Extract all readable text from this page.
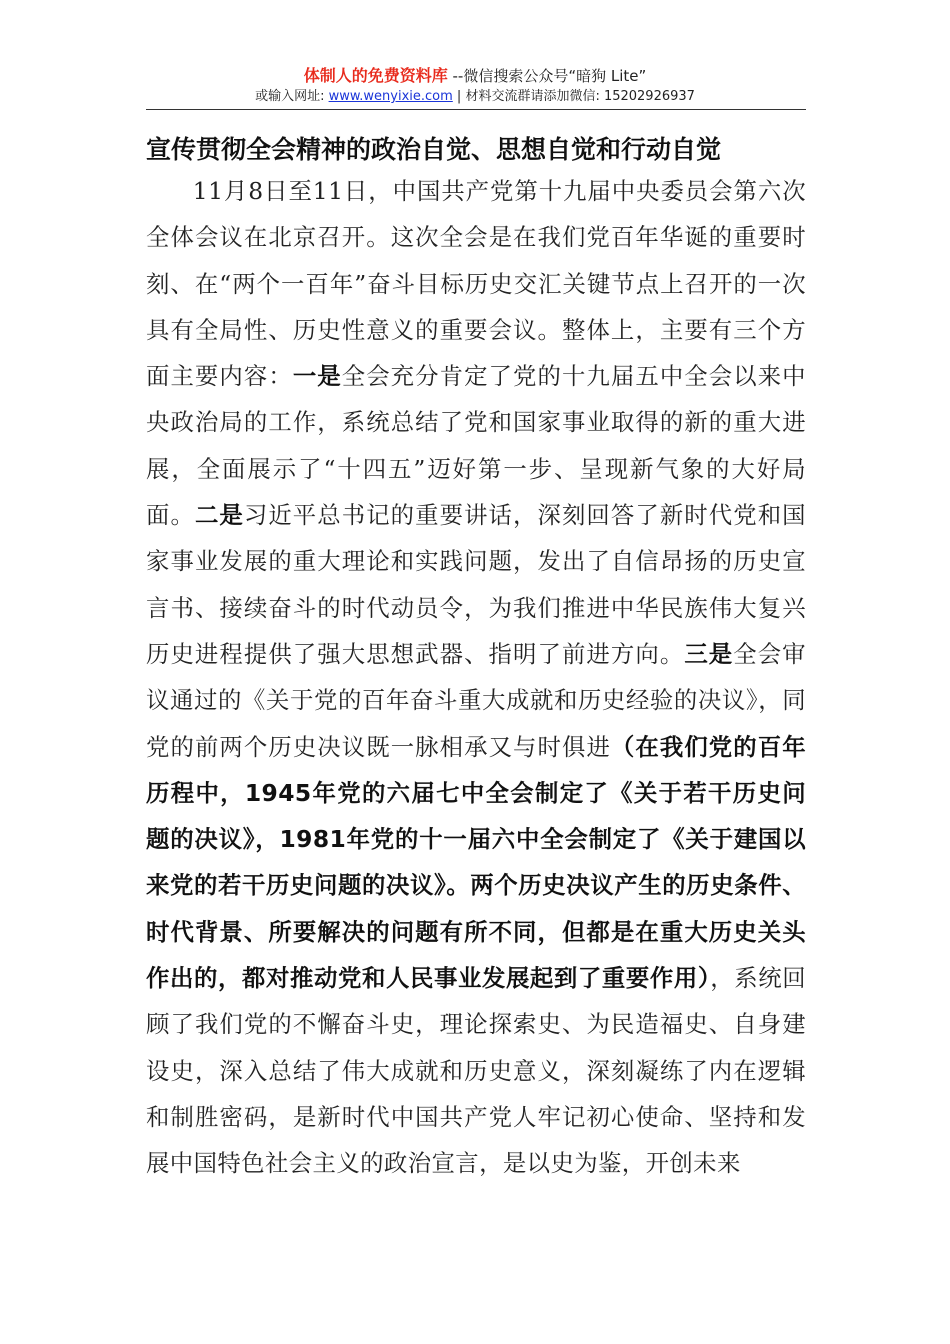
体制人的免费资料库 --微信搜索公众号“暗狗 Lite”
或输入网址: www.wenyixie.com | 材料交流群请添加微信: 15202926937
宣传贯彻全会精神的政治自觉、思想自觉和行动自觉

11月8日至11日，中国共产党第十九届中央委员会第六次全体会议在北京召开。这次全会是在我们党百年华诞的重要时刻、在“两个一百年”奋斗目标历史交汇关键节点上召开的一次具有全局性、历史性意义的重要会议。整体上，主要有三个方面主要内容：一是全会充分肯定了党的十九届五中全会以来中央政治局的工作，系统总结了党和国家事业取得的新的重大进展，全面展示了“十四五”迈好第一步、呈现新气象的大好局面。二是习近平总书记的重要讲话，深刻回答了新时代党和国家事业发展的重大理论和实践问题，发出了自信昂扬的历史宣言书、接续奋斗的时代动员令，为我们推进中华民族伟大复兴历史进程提供了强大思想武器、指明了前进方向。三是全会审议通过的《关于党的百年奋斗重大成就和历史经验的决议》，同党的前两个历史决议既一脉相承又与时俱进（在我们党的百年历程中，1945年党的六届七中全会制定了《关于若干历史问题的决议》，1981年党的十一届六中全会制定了《关于建国以来党的若干历史问题的决议》。两个历史决议产生的历史条件、时代背景、所要解决的问题有所不同，但都是在重大历史关头作出的，都对推动党和人民事业发展起到了重要作用），系统回顾了我们党的不懈奋斗史，理论探索史、为民造福史、自身建设史，深入总结了伟大成就和历史意义，深刻凝练了内在逻辑和制胜密码，是新时代中国共产党人牢记初心使命、坚持和发展中国特色社会主义的政治宣言，是以史为鉴，开创未来
